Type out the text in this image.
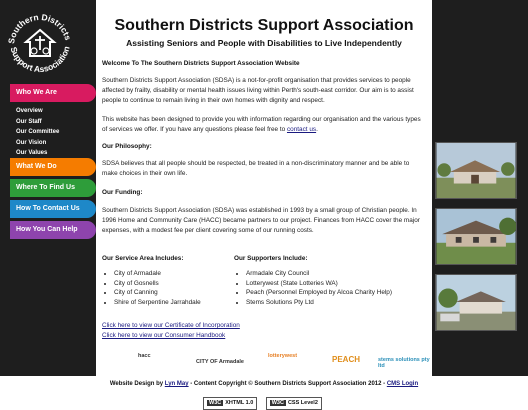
Southern Districts
Support Association
Who We Are
Overview
Our Staff
Our Committee
Our Vision
Our Values
What We Do
Where To Find Us
How To Contact Us
How You Can Help
Southern Districts Support Association
Assisting Seniors and People with Disabilities to Live Independently

Welcome To The Southern Districts Support Association Website

Southern Districts Support Association (SDSA) is a not-for-profit organisation that provides services to people affected by frailty, disability or mental health issues living within Perth's south-east corridor. Our aim is to assist people to continue to remain living in their own homes with dignity and respect.

This website has been designed to provide you with information regarding our organisation and the various types of services we offer. If you have any questions please feel free to contact us.

Our Philosophy:

SDSA believes that all people should be respected, be treated in a non-discriminatory manner and be able to make choices in their own life.

Our Funding:

Southern Districts Support Association (SDSA) was established in 1993 by a small group of Christian people. In 1996 Home and Community Care (HACC) became partners to our project. Finances from HACC cover the major expenses, with a modest fee per client covering some of our running costs.

Our Service Area Includes:

• City of Armadale
• City of Gosnells
• City of Canning
• Shire of Serpentine Jarrahdale

Our Supporters Include:

• Armadale City Council
• Lotterywest (State Lotteries WA)
• Peach (Personnel Employed by Alcoa Charity Help)
• Stems Solutions Pty Ltd

Click here to view our Certificate of Incorporation
Click here to view our Consumer Handbook

hacc
CITY OF Armadale
lotterywest	PEACH	stems solutions pty ltd

Website Design by Lyn May - Content Copyright © Southern Districts Support Association 2012 - CMS Login

W3C XHTML 1.0	W3C CSS Level2
